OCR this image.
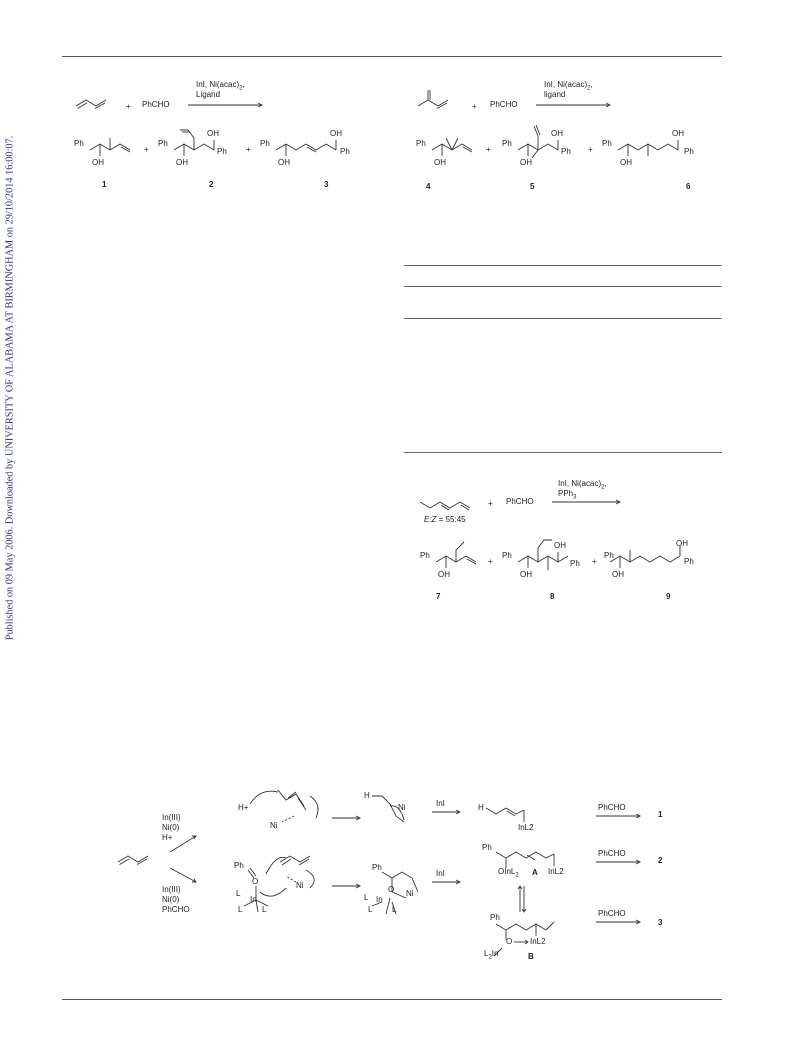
Published on 09 May 2006. Downloaded by UNIVERSITY OF ALABAMA AT BIRMINGHAM on 29/10/2014 16:00:07.
+ PhCHO
InI, $Ni(acac)_2$,
Ligand
Ph
OH
+
Ph
OH
OH
Ph +
Ph
OH
OH
Ph
1	2	3
+ PhCHO
InI, $Ni(acac)_2$,
ligand
Ph
OH
+
Ph
OH
OH
Ph +
Ph
OH
OH
Ph
4	5	6
E:Z = 55:45
+ PhCHO
InI, $Ni(acac)_2$,
PPh$_3$
Ph
OH
+
Ph
OH
OH
Ph +
Ph
OH
OH
Ph
7	8	9
In(III)
Ni(0)
H+
In(III)
Ni(0)
PhCHO
H+
Ni
H
Ni	InI	H
InL2
PhCHO
1
Ph
O
In
L
L L
Ni
Ph
O Ni
In
L
L L
InI
Ph
OInL$_2$ A InL2
PhCHO
2
Ph
O InL2
$L_2In$	B
PhCHO
3
